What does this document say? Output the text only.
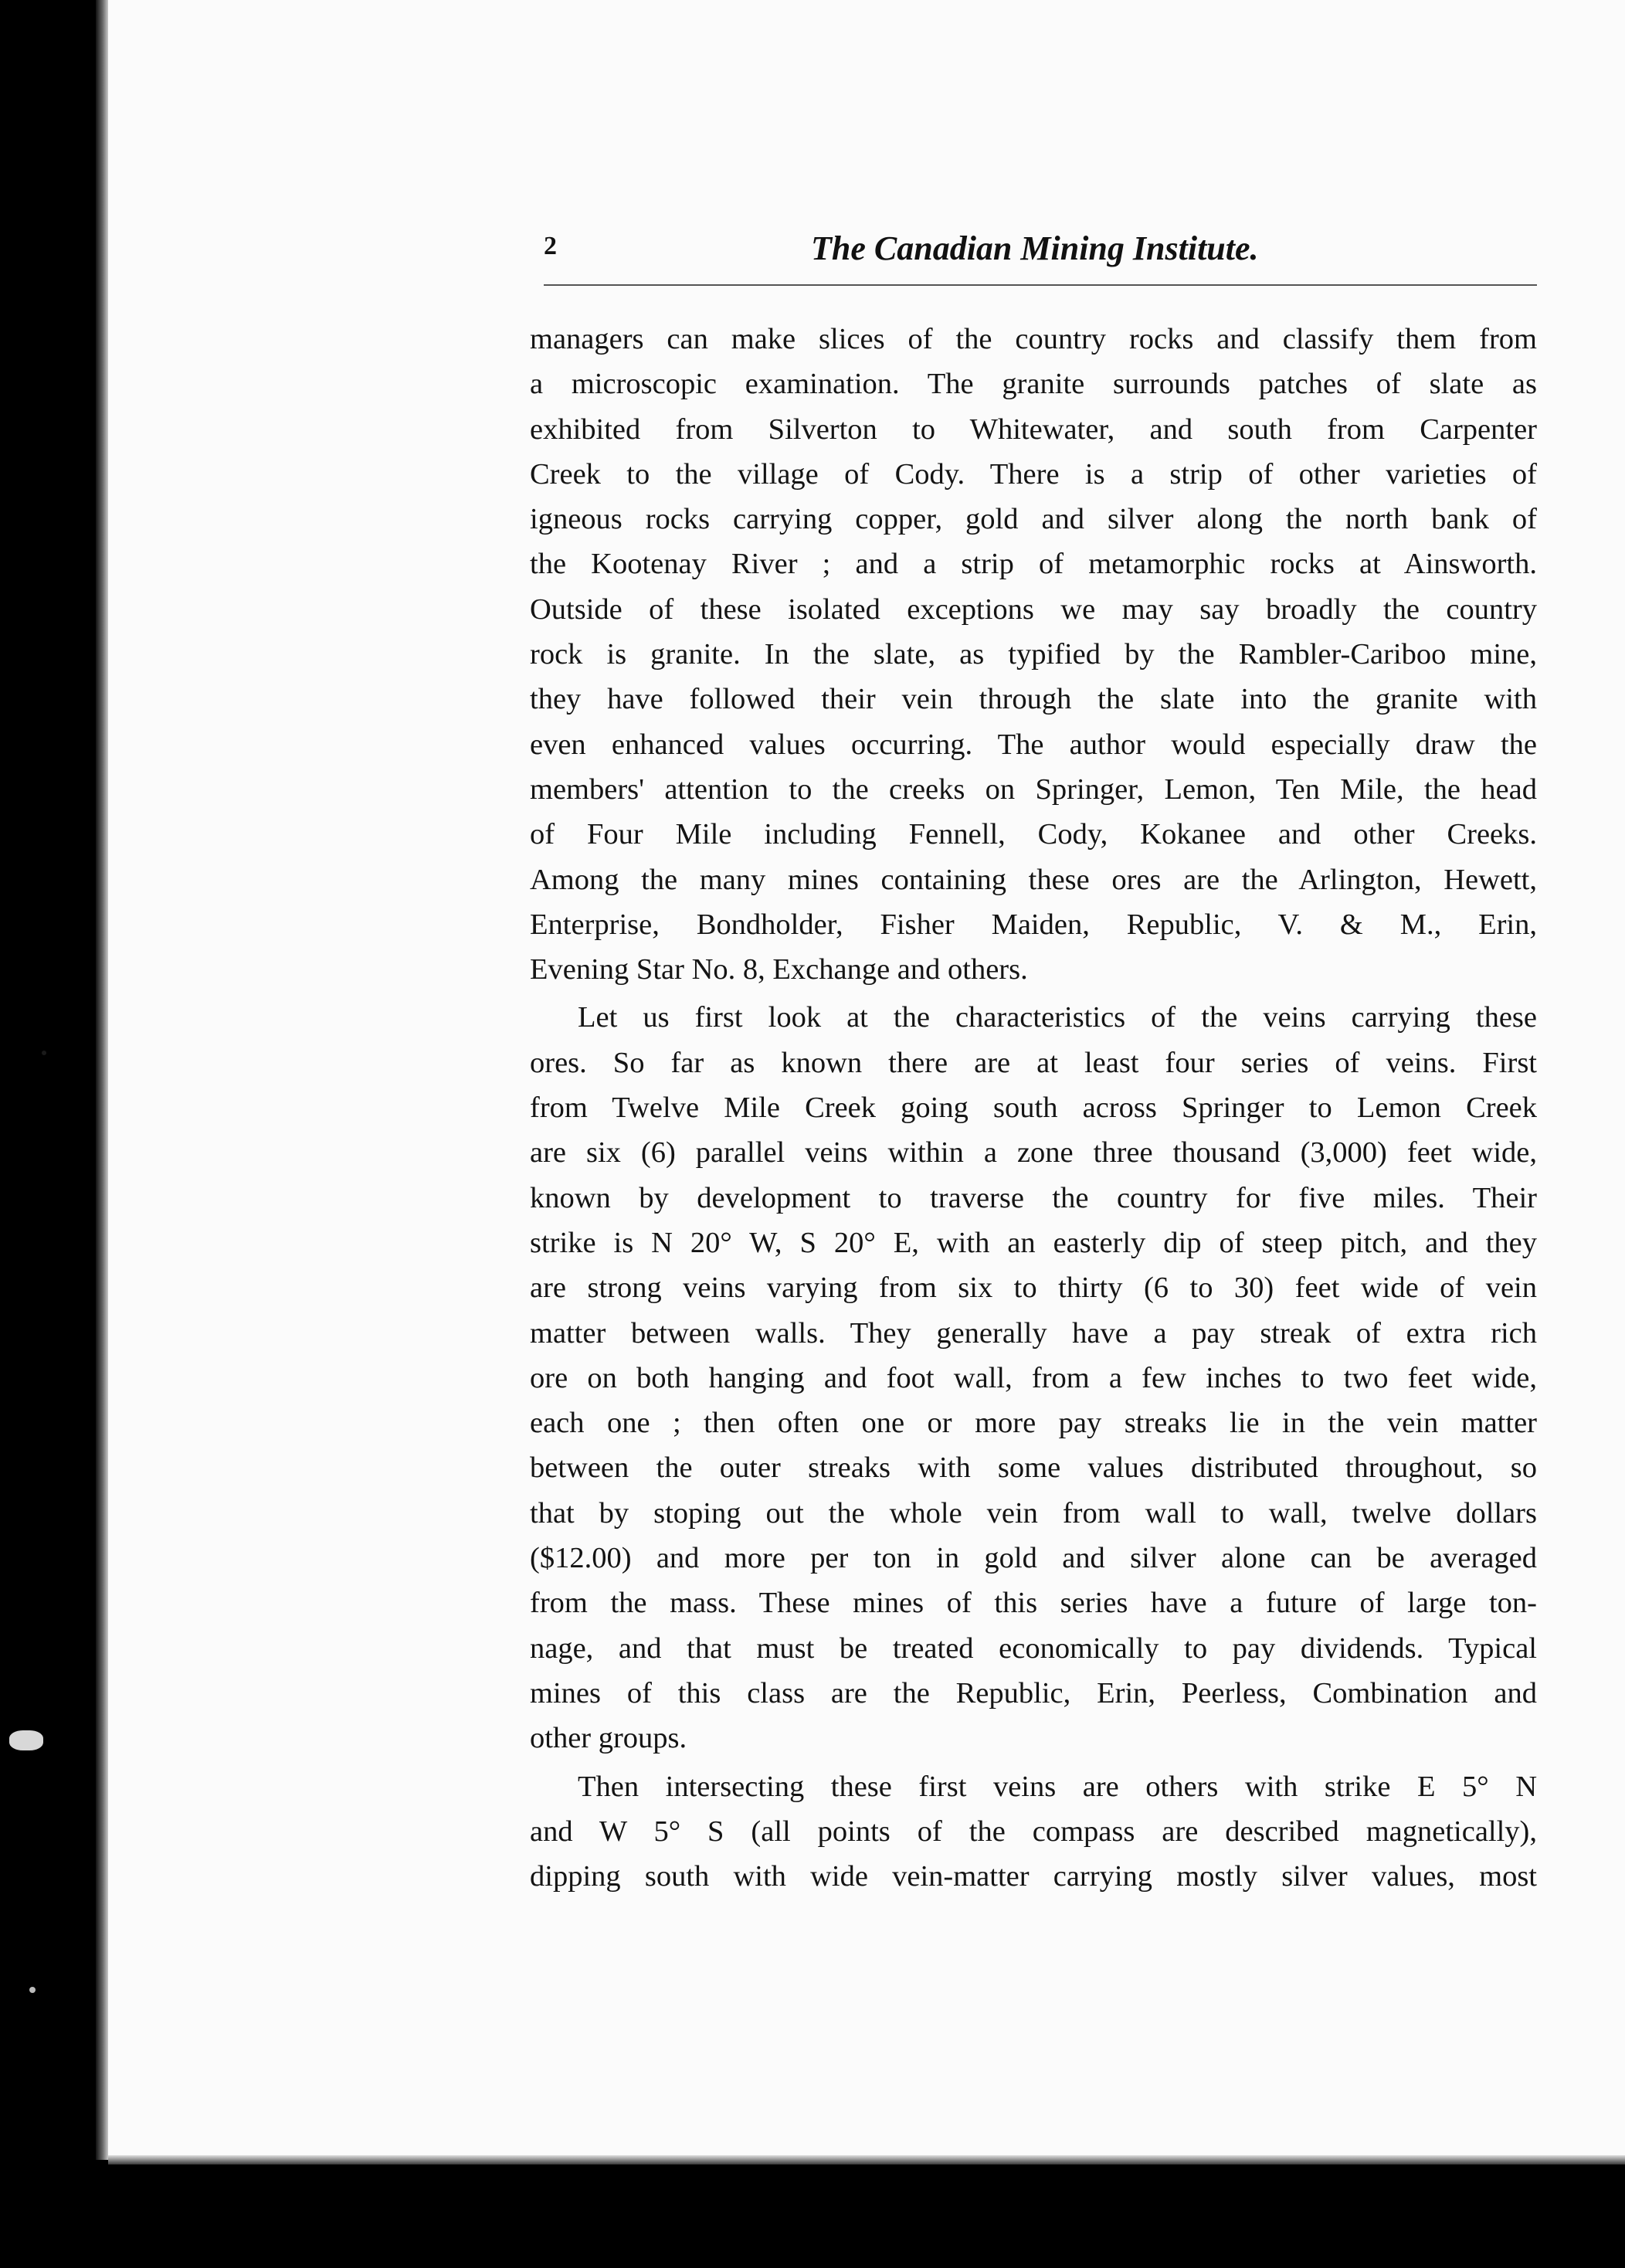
2	The Canadian Mining Institute.

managers can make slices of the country rocks and classify them from
a microscopic examination. The granite surrounds patches of slate as
exhibited from Silverton to Whitewater, and south from Carpenter
Creek to the village of Cody. There is a strip of other varieties of
igneous rocks carrying copper, gold and silver along the north bank of
the Kootenay River ; and a strip of metamorphic rocks at Ainsworth.
Outside of these isolated exceptions we may say broadly the country
rock is granite. In the slate, as typified by the Rambler-Cariboo mine,
they have followed their vein through the slate into the granite with
even enhanced values occurring. The author would especially draw the
members' attention to the creeks on Springer, Lemon, Ten Mile, the head
of Four Mile including Fennell, Cody, Kokanee and other Creeks.
Among the many mines containing these ores are the Arlington, Hewett,
Enterprise, Bondholder, Fisher Maiden, Republic, V. & M., Erin,
Evening Star No. 8, Exchange and others.

Let us first look at the characteristics of the veins carrying these
ores. So far as known there are at least four series of veins. First
from Twelve Mile Creek going south across Springer to Lemon Creek
are six (6) parallel veins within a zone three thousand (3,000) feet wide,
known by development to traverse the country for five miles. Their
strike is N 20° W, S 20° E, with an easterly dip of steep pitch, and they
are strong veins varying from six to thirty (6 to 30) feet wide of vein
matter between walls. They generally have a pay streak of extra rich
ore on both hanging and foot wall, from a few inches to two feet wide,
each one ; then often one or more pay streaks lie in the vein matter
between the outer streaks with some values distributed throughout, so
that by stoping out the whole vein from wall to wall, twelve dollars
($12.00) and more per ton in gold and silver alone can be averaged
from the mass. These mines of this series have a future of large ton-
nage, and that must be treated economically to pay dividends. Typical
mines of this class are the Republic, Erin, Peerless, Combination and
other groups.

Then intersecting these first veins are others with strike E 5° N
and W 5° S (all points of the compass are described magnetically),
dipping south with wide vein-matter carrying mostly silver values, most
